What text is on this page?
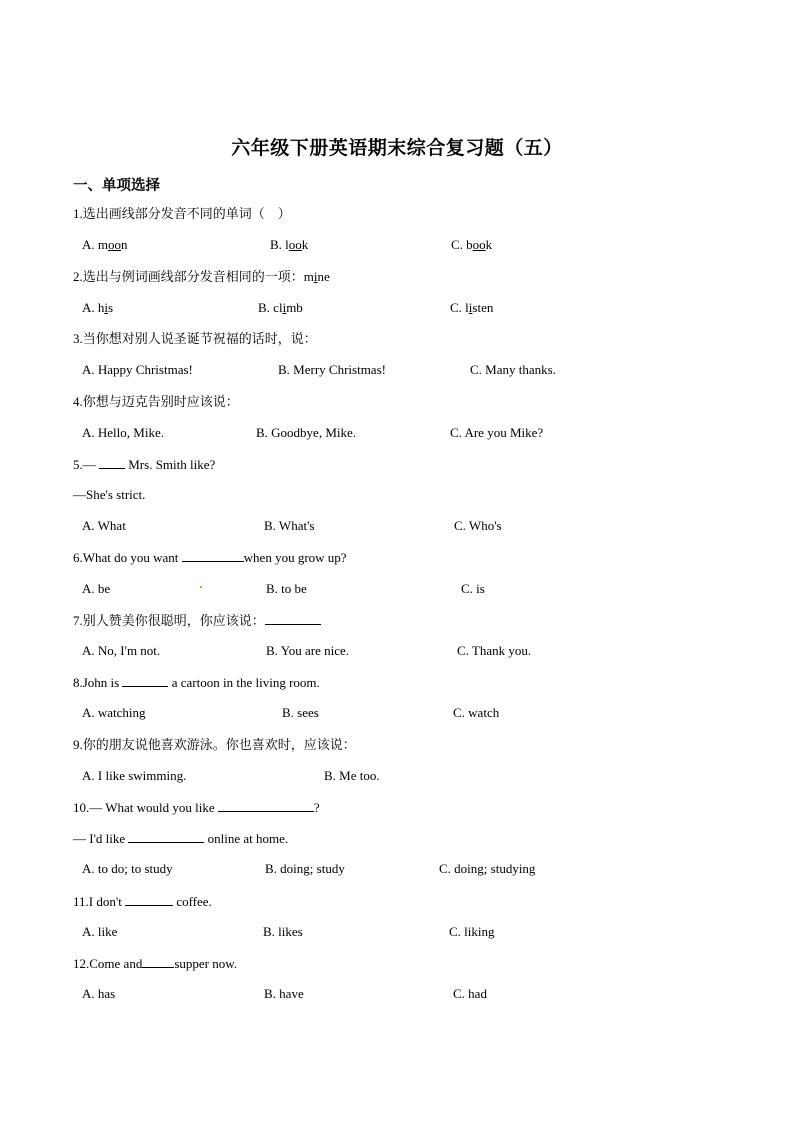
六年级下册英语期末综合复习题（五）
一、单项选择
1.选出画线部分发音不同的单词（　）
A. moon	B. look	C. book
2.选出与例词画线部分发音相同的一项：mine
A. his	B. climb	C. listen
3.当你想对别人说圣诞节祝福的话时，说：
A. Happy Christmas!	B. Merry Christmas!	C. Many thanks.
4.你想与迈克告别时应该说：
A. Hello, Mike.	B. Goodbye, Mike.	C. Are you Mike?
5.—  Mrs. Smith like?
—She's strict.
A. What	B. What's	C. Who's
6.What do you want	when you grow up?
A. be	B. to be	C. is
7.别人赞美你很聪明，你应该说：
A. No, I'm not.	B. You are nice.	C. Thank you.
8.John is	a cartoon in the living room.
A. watching	B. sees	C. watch
9.你的朋友说他喜欢游泳。你也喜欢时，应该说：
A. I like swimming.	B. Me too.
10.— What would you like	?
— I'd like	online at home.
A. to do; to study	B. doing; study	C. doing; studying
11.I don't	coffee.
A. like	B. likes	C. liking
12.Come and supper now.
A. has	B. have	C. had
